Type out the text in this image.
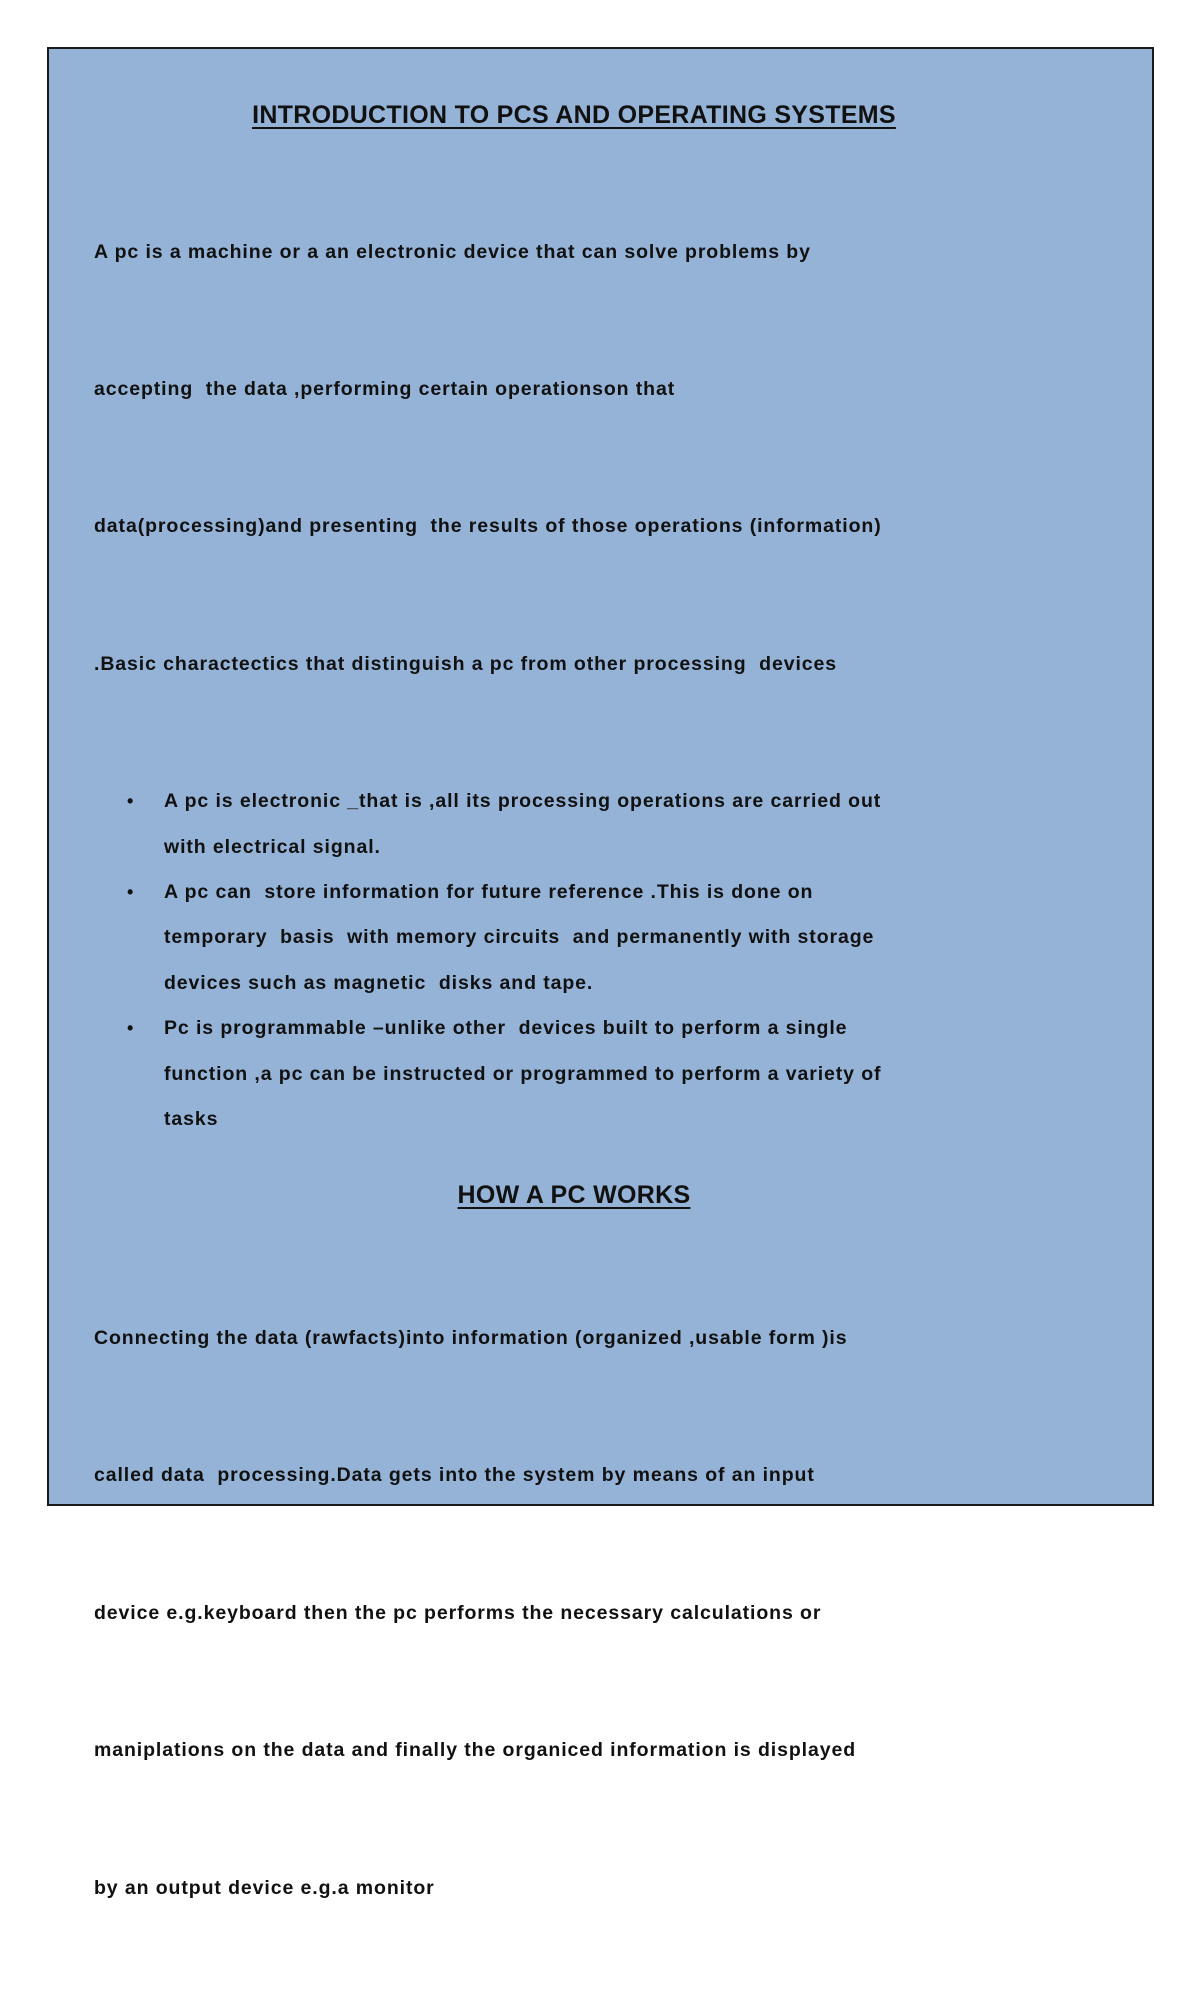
INTRODUCTION TO PCS AND OPERATING SYSTEMS

A pc is a machine or a an electronic device that can solve problems by

accepting  the data ,performing certain operationson that

data(processing)and presenting  the results of those operations (information)

.Basic charactectics that distinguish a pc from other processing  devices

• A pc is electronic _that is ,all its processing operations are carried out
with electrical signal.
• A pc can  store information for future reference .This is done on
temporary  basis  with memory circuits  and permanently with storage
devices such as magnetic  disks and tape.
• Pc is programmable –unlike other  devices built to perform a single
function ,a pc can be instructed or programmed to perform a variety of
tasks
HOW A PC WORKS

Connecting the data (rawfacts)into information (organized ,usable form )is

called data  processing.Data gets into the system by means of an input

device e.g.keyboard then the pc performs the necessary calculations or

maniplations on the data and finally the organiced information is displayed

by an output device e.g.a monitor
